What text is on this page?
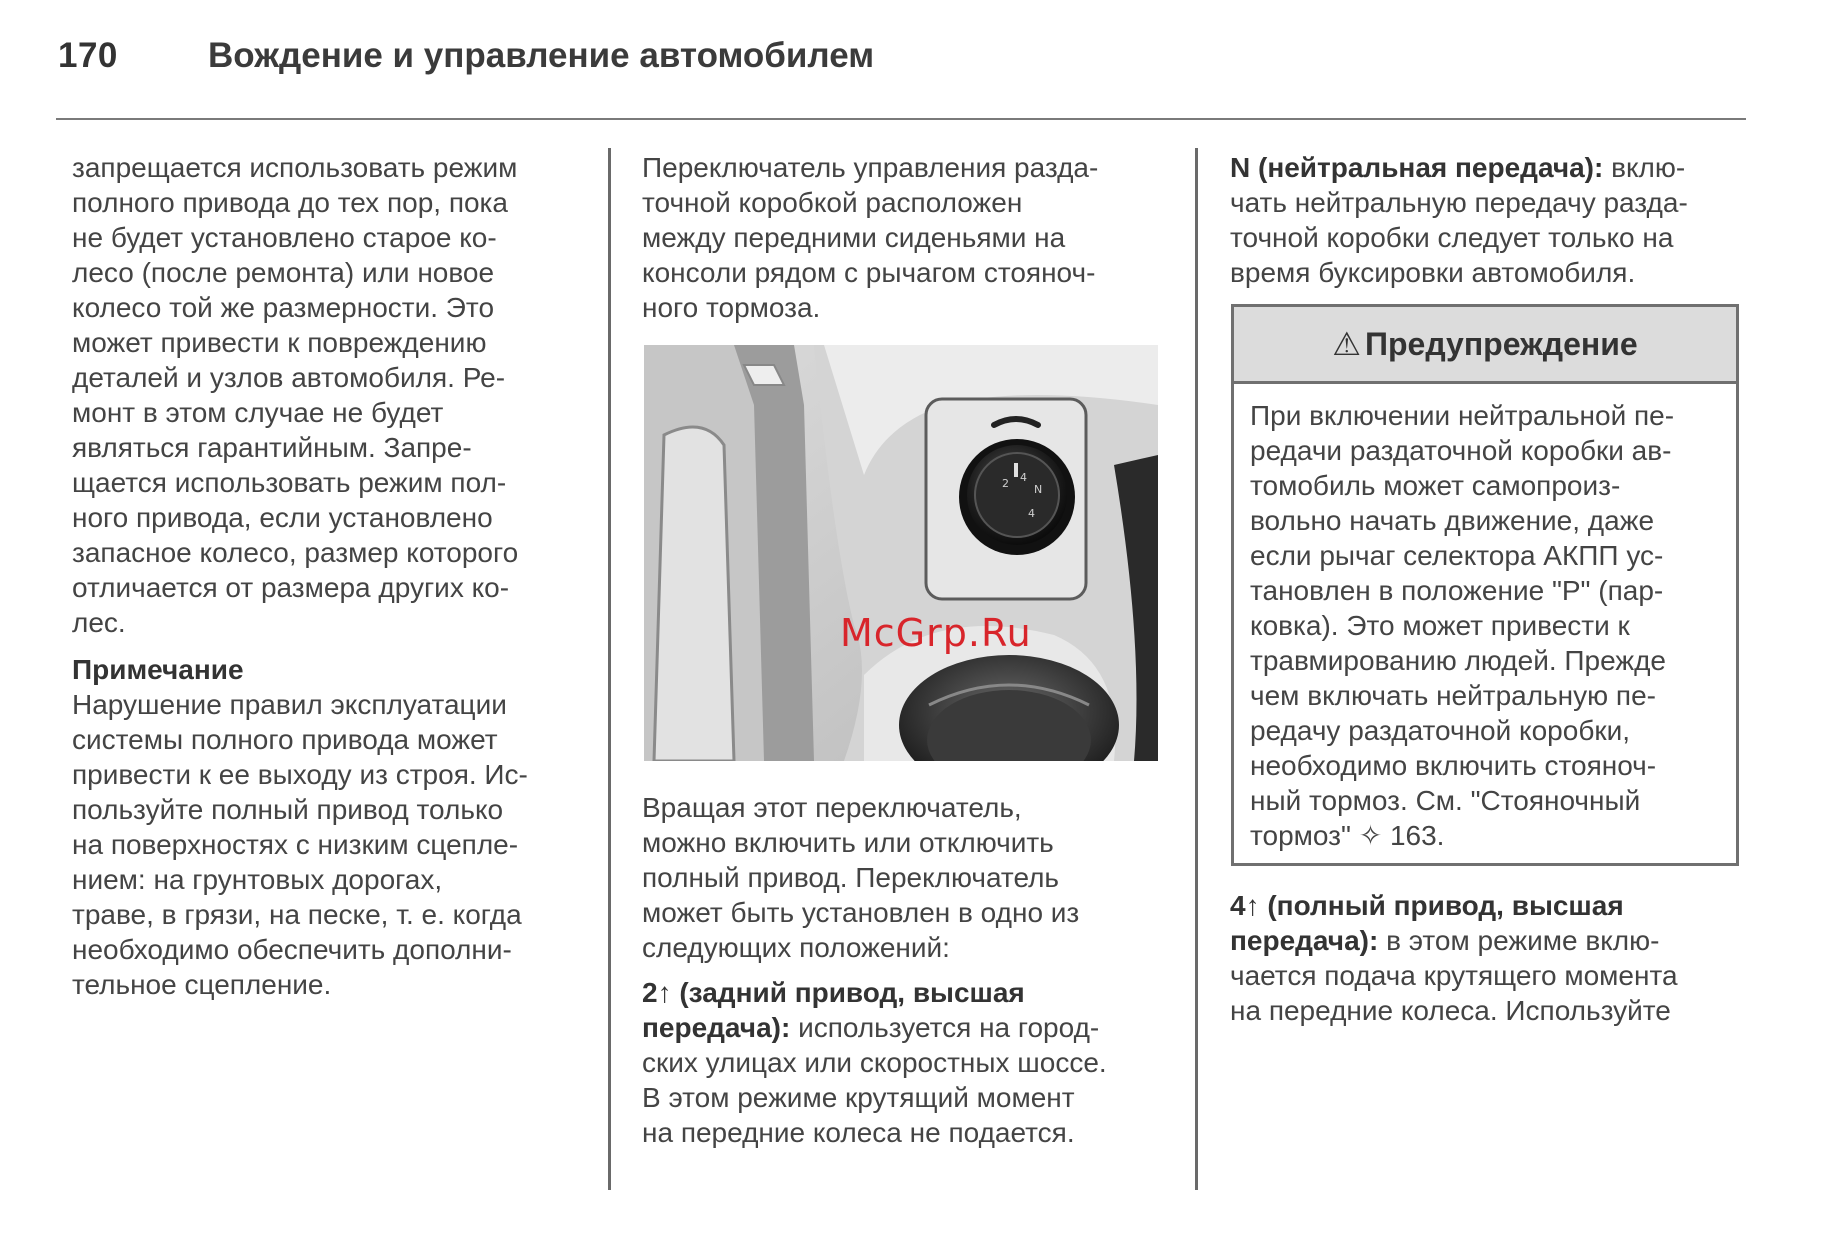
170	Вождение и управление автомобилем
запрещается использовать режим
полного привода до тех пор, пока
не будет установлено старое ко-
лесо (после ремонта) или новое
колесо той же размерности. Это
может привести к повреждению
деталей и узлов автомобиля. Ре-
монт в этом случае не будет
являться гарантийным. Запре-
щается использовать режим пол-
ного привода, если установлено
запасное колесо, размер которого
отличается от размера других ко-
лес.
Примечание
Нарушение правил эксплуатации
системы полного привода может
привести к ее выходу из строя. Ис-
пользуйте полный привод только
на поверхностях с низким сцепле-
нием: на грунтовых дорогах,
траве, в грязи, на песке, т. е. когда
необходимо обеспечить дополни-
тельное сцепление.
Переключатель управления разда-
точной коробкой расположен
между передними сиденьями на
консоли рядом с рычагом стояноч-
ного тормоза.
2 4
N
4
McGrp.Ru
Вращая этот переключатель,
можно включить или отключить
полный привод. Переключатель
может быть установлен в одно из
следующих положений:
2↑ (задний привод, высшая
передача): используется на город-
ских улицах или скоростных шоссе.
В этом режиме крутящий момент
на передние колеса не подается.
N (нейтральная передача): вклю-
чать нейтральную передачу разда-
точной коробки следует только на
время буксировки автомобиля.
⚠ Предупреждение
При включении нейтральной пе-
редачи раздаточной коробки ав-
томобиль может самопроиз-
вольно начать движение, даже
если рычаг селектора АКПП ус-
тановлен в положение "P" (пар-
ковка). Это может привести к
травмированию людей. Прежде
чем включать нейтральную пе-
редачу раздаточной коробки,
необходимо включить стояноч-
ный тормоз. См. "Стояночный
тормоз" ✧ 163.
4↑ (полный привод, высшая
передача): в этом режиме вклю-
чается подача крутящего момента
на передние колеса. Используйте
